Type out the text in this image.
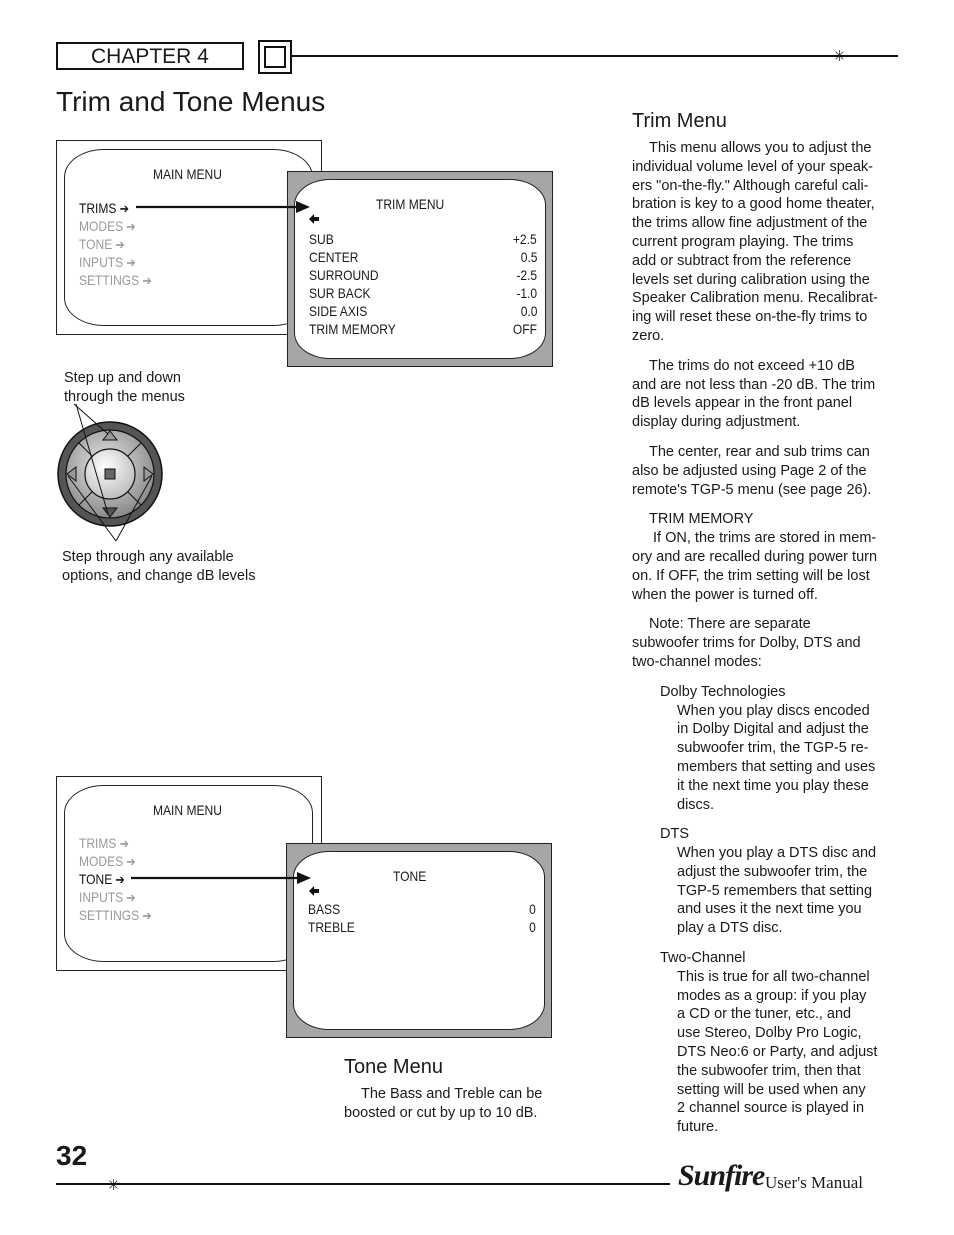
CHAPTER 4	✳
Trim and Tone Menus
MAIN MENU
TRIMS ➔
MODES ➔
TONE ➔
INPUTS ➔
SETTINGS ➔
TRIM MENU
SUB	+2.5
CENTER	0.5
SURROUND	-2.5
SUR BACK	-1.0
SIDE AXIS	0.0
TRIM MEMORY	OFF
Step up and down
through the menus
Step through any available
options, and change dB levels
MAIN MENU
TRIMS ➔
MODES ➔
TONE ➔
INPUTS ➔
SETTINGS ➔
TONE
BASS	0
TREBLE	0
Tone Menu
The Bass and Treble can be
boosted or cut by up to 10 dB.
Trim Menu
This menu allows you to adjust the
individual volume level of your speak-
ers "on-the-fly." Although careful cali-
bration is key to a good home theater,
the trims allow fine adjustment of the
current program playing. The trims
add or subtract from the reference
levels set during calibration using the
Speaker Calibration menu. Recalibrat-
ing will reset these on-the-fly trims to
zero.
The trims do not exceed +10 dB
and are not less than -20 dB. The trim
dB levels appear in the front panel
display during adjustment.
The center, rear and sub trims can
also be adjusted using Page 2 of the
remote's TGP-5 menu (see page 26).
TRIM MEMORY
If ON, the trims are stored in mem-
ory and are recalled during power turn
on. If OFF, the trim setting will be lost
when the power is turned off.
Note: There are separate
subwoofer trims for Dolby, DTS and
two-channel modes:
Dolby Technologies
When you play discs encoded
in Dolby Digital and adjust the
subwoofer trim, the TGP-5 re-
members that setting and uses
it the next time you play these
discs.
DTS
When you play a DTS disc and
adjust the subwoofer trim, the
TGP-5 remembers that setting
and uses it the next time you
play a DTS disc.
Two-Channel
This is true for all two-channel
modes as a group: if you play
a CD or the tuner, etc., and
use Stereo, Dolby Pro Logic,
DTS Neo:6 or Party, and adjust
the subwoofer trim, then that
setting will be used when any
2 channel source is played in
future.
32
✳	Sunfire User's Manual
